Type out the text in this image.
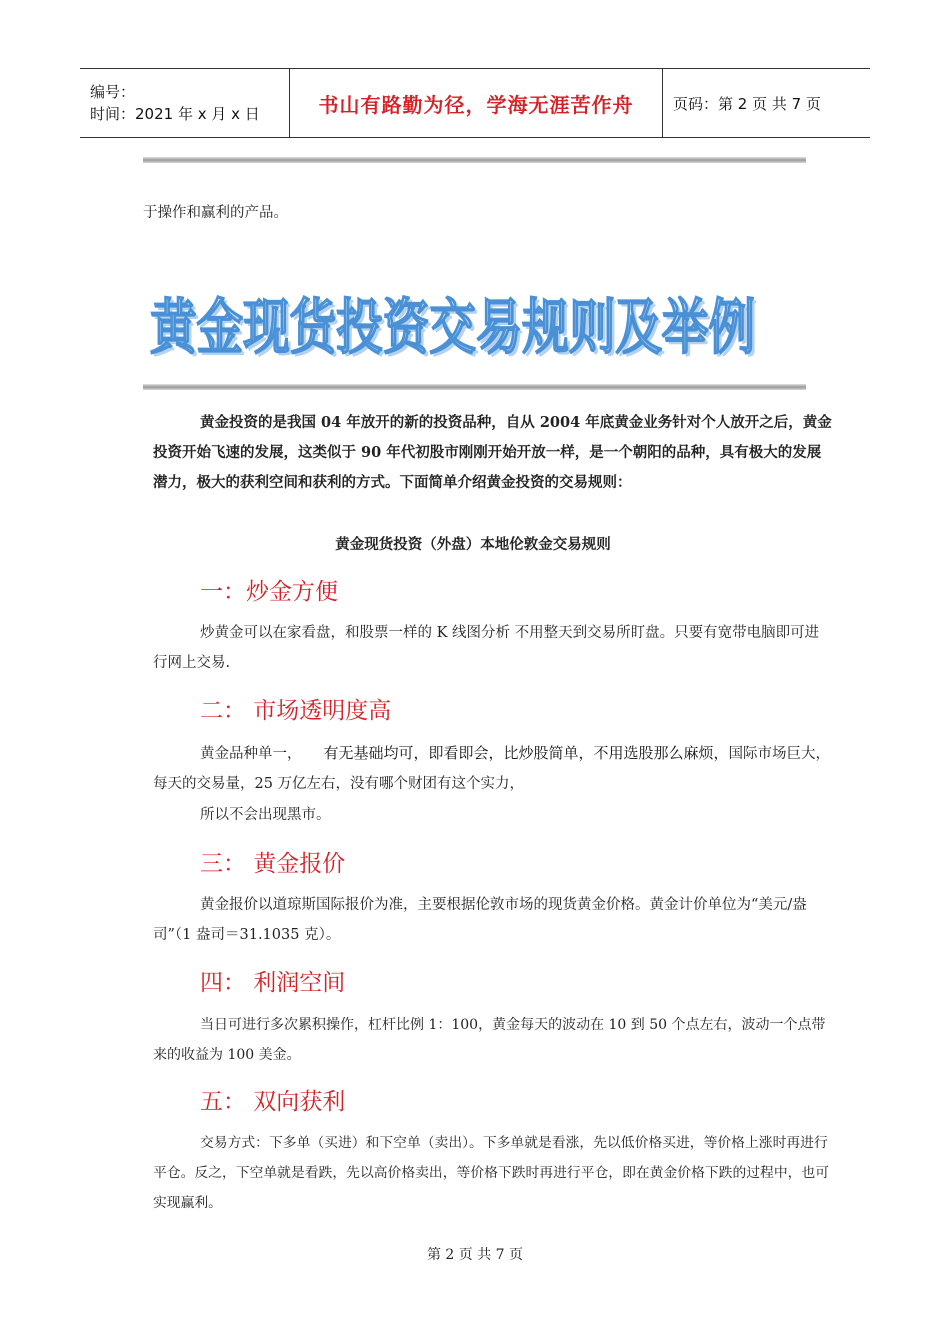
编号：
时间：2021 年 x 月 x 日	书山有路勤为径，学海无涯苦作舟	页码：第 2 页 共 7 页
于操作和赢利的产品。
黄金现货投资交易规则及举例
黄金现货投资交易规则及举例
黄金投资的是我国 04 年放开的新的投资品种，自从 2004 年底黄金业务针对个人放开之后，黄金投资开始飞速的发展，这类似于 90 年代初股市刚刚开始开放一样，是一个朝阳的品种，具有极大的发展潜力，极大的获利空间和获利的方式。下面简单介绍黄金投资的交易规则：
黄金现货投资（外盘）本地伦敦金交易规则
一：炒金方便
炒黄金可以在家看盘，和股票一样的 K 线图分析 不用整天到交易所盯盘。只要有宽带电脑即可进行网上交易.
二： 市场透明度高
黄金品种单一， 有无基础均可，即看即会，比炒股简单，不用选股那么麻烦，国际市场巨大，每天的交易量，25 万亿左右，没有哪个财团有这个实力，
所以不会出现黑市。
三： 黄金报价
黄金报价以道琼斯国际报价为准，主要根据伦敦市场的现货黄金价格。黄金计价单位为“美元/盎司”（1 盎司＝31.1035 克）。
四： 利润空间
当日可进行多次累积操作，杠杆比例 1：100，黄金每天的波动在 10 到 50 个点左右，波动一个点带来的收益为 100 美金。
五： 双向获利
交易方式：下多单（买进）和下空单（卖出）。下多单就是看涨，先以低价格买进，等价格上涨时再进行平仓。反之，下空单就是看跌，先以高价格卖出，等价格下跌时再进行平仓，即在黄金价格下跌的过程中，也可实现赢利。
第 2 页 共 7 页
